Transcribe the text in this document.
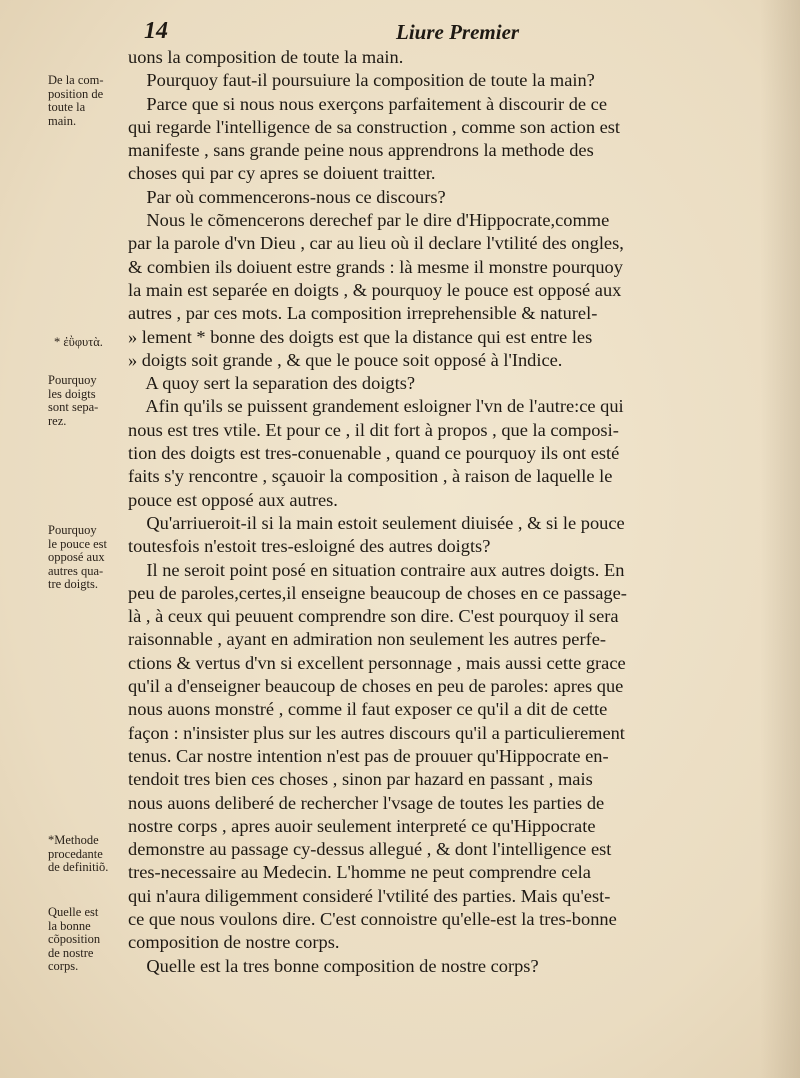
14	Liure Premier
De la com-
position de
toute la
main.
* ἐῢφυτὰ.
Pourquoy
les doigts
sont sepa-
rez.
Pourquoy
le pouce est
opposé aux
autres qua-
tre doigts.
*Methode
procedante
de definitiõ.
Quelle est
la bonne
cõposition
de nostre
corps.
uons la composition de toute la main.
Pourquoy faut-il poursuiure la composition de toute la main?
Parce que si nous nous exerçons parfaitement à discourir de ce
qui regarde l'intelligence de sa construction , comme son action est
manifeste , sans grande peine nous apprendrons la methode des
choses qui par cy apres se doiuent traitter.
Par où commencerons-nous ce discours?
Nous le cõmencerons derechef par le dire d'Hippocrate,comme
par la parole d'vn Dieu , car au lieu où il declare l'vtilité des ongles,
& combien ils doiuent estre grands : là mesme il monstre pourquoy
la main est separée en doigts , & pourquoy le pouce est opposé aux
autres , par ces mots. La composition irreprehensible & naturel-
» lement * bonne des doigts est que la distance qui est entre les
» doigts soit grande , & que le pouce soit opposé à l'Indice.
A quoy sert la separation des doigts?
Afin qu'ils se puissent grandement esloigner l'vn de l'autre:ce qui
nous est tres vtile. Et pour ce , il dit fort à propos , que la composi-
tion des doigts est tres-conuenable , quand ce pourquoy ils ont esté
faits s'y rencontre , sçauoir la composition , à raison de laquelle le
pouce est opposé aux autres.
Qu'arriueroit-il si la main estoit seulement diuisée , & si le pouce
toutesfois n'estoit tres-esloigné des autres doigts?
Il ne seroit point posé en situation contraire aux autres doigts. En
peu de paroles,certes,il enseigne beaucoup de choses en ce passage-
là , à ceux qui peuuent comprendre son dire. C'est pourquoy il sera
raisonnable , ayant en admiration non seulement les autres perfe-
ctions & vertus d'vn si excellent personnage , mais aussi cette grace
qu'il a d'enseigner beaucoup de choses en peu de paroles: apres que
nous auons monstré , comme il faut exposer ce qu'il a dit de cette
façon : n'insister plus sur les autres discours qu'il a particulierement
tenus. Car nostre intention n'est pas de prouuer qu'Hippocrate en-
tendoit tres bien ces choses , sinon par hazard en passant , mais
nous auons deliberé de rechercher l'vsage de toutes les parties de
nostre corps , apres auoir seulement interpreté ce qu'Hippocrate
demonstre au passage cy-dessus allegué , & dont l'intelligence est
tres-necessaire au Medecin. L'homme ne peut comprendre cela
qui n'aura diligemment consideré l'vtilité des parties. Mais qu'est-
ce que nous voulons dire. C'est connoistre qu'elle-est la tres-bonne
composition de nostre corps.
Quelle est la tres bonne composition de nostre corps?
